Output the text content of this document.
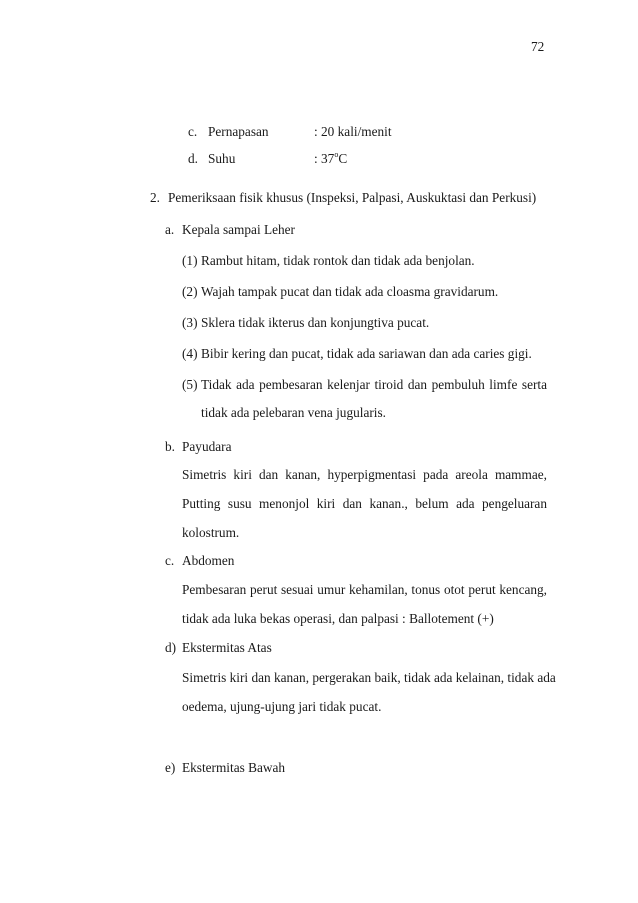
72
c. Pernapasan	: 20 kali/menit
d. Suhu	: 37$^o$C
2. Pemeriksaan fisik khusus (Inspeksi, Palpasi, Auskuktasi dan Perkusi)
a. Kepala sampai Leher
(1) Rambut hitam, tidak rontok dan tidak ada benjolan.
(2) Wajah tampak pucat dan tidak ada cloasma gravidarum.
(3) Sklera tidak ikterus dan konjungtiva pucat.
(4) Bibir kering dan pucat, tidak ada sariawan dan ada caries gigi.
(5) Tidak ada pembesaran kelenjar tiroid dan pembuluh limfe serta
tidak ada pelebaran vena jugularis.
b. Payudara
Simetris kiri dan kanan, hyperpigmentasi pada areola mammae,
Putting susu menonjol kiri dan kanan., belum ada pengeluaran
kolostrum.
c. Abdomen
Pembesaran perut sesuai umur kehamilan, tonus otot perut kencang,
tidak ada luka bekas operasi, dan palpasi : Ballotement (+)
d) Ekstermitas Atas
Simetris kiri dan kanan, pergerakan baik, tidak ada kelainan, tidak ada
oedema, ujung-ujung jari tidak pucat.
e) Ekstermitas Bawah
